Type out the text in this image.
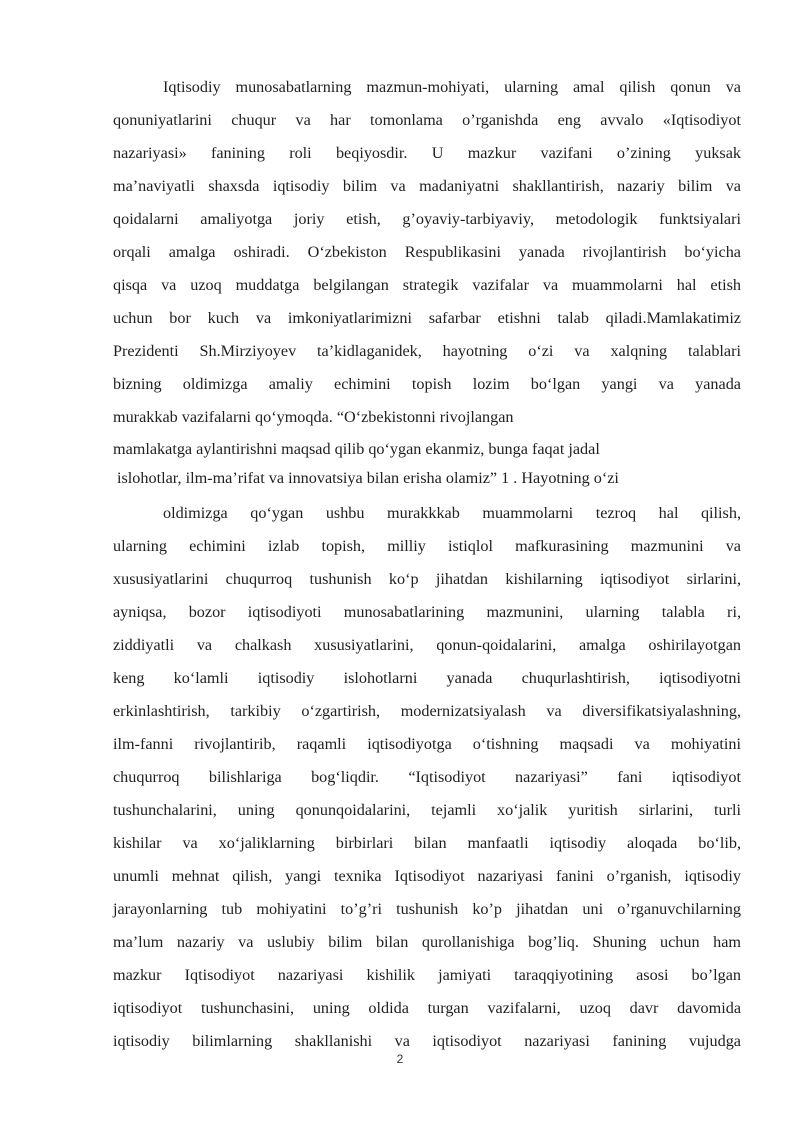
Iqtisodiy munosabatlarning mazmun-mohiyati, ularning amal qilish qonun va
qonuniyatlarini chuqur va har tomonlama o’rganishda eng avvalo «Iqtisodiyot
nazariyasi» fanining roli beqiyosdir. U mazkur vazifani o’zining yuksak
ma’naviyatli shaxsda iqtisodiy bilim va madaniyatni shakllantirish, nazariy bilim va
qoidalarni amaliyotga joriy etish, g’oyaviy-tarbiyaviy, metodologik funktsiyalari
orqali amalga oshiradi. O‘zbekiston Respublikasini yanada rivojlantirish bo‘yicha
qisqa va uzoq muddatga belgilangan strategik vazifalar va muammolarni hal etish
uchun bor kuch va imkoniyatlarimizni safarbar etishni talab qiladi.Mamlakatimiz
Prezidenti Sh.Mirziyoyev ta’kidlaganidek, hayotning o‘zi va xalqning talablari
bizning oldimizga amaliy echimini topish lozim bo‘lgan yangi va yanada
murakkab vazifalarni qo‘ymoqda. “O‘zbekistonni rivojlangan
mamlakatga aylantirishni maqsad qilib qo‘ygan ekanmiz, bunga faqat jadal
islohotlar, ilm-ma’rifat va innovatsiya bilan erisha olamiz” 1 . Hayotning o‘zi
oldimizga qo‘ygan ushbu murakkkab muammolarni tezroq hal qilish,
ularning echimini izlab topish, milliy istiqlol mafkurasining mazmunini va
xususiyatlarini chuqurroq tushunish ko‘p jihatdan kishilarning iqtisodiyot sirlarini,
ayniqsa, bozor iqtisodiyoti munosabatlarining mazmunini, ularning talabla ri,
ziddiyatli va chalkash xususiyatlarini, qonun-qoidalarini, amalga oshirilayotgan
keng ko‘lamli iqtisodiy islohotlarni yanada chuqurlashtirish, iqtisodiyotni
erkinlashtirish, tarkibiy o‘zgartirish, modernizatsiyalash va diversifikatsiyalashning,
ilm-fanni rivojlantirib, raqamli iqtisodiyotga o‘tishning maqsadi va mohiyatini
chuqurroq bilishlariga bog‘liqdir. “Iqtisodiyot nazariyasi” fani iqtisodiyot
tushunchalarini, uning qonunqoidalarini, tejamli xo‘jalik yuritish sirlarini, turli
kishilar va xo‘jaliklarning birbirlari bilan manfaatli iqtisodiy aloqada bo‘lib,
unumli mehnat qilish, yangi texnika Iqtisodiyot nazariyasi fanini o’rganish, iqtisodiy
jarayonlarning tub mohiyatini to’g’ri tushunish ko’p jihatdan uni o’rganuvchilarning
ma’lum nazariy va uslubiy bilim bilan qurollanishiga bog’liq. Shuning uchun ham
mazkur Iqtisodiyot nazariyasi kishilik jamiyati taraqqiyotining asosi bo’lgan
iqtisodiyot tushunchasini, uning oldida turgan vazifalarni, uzoq davr davomida
iqtisodiy bilimlarning shakllanishi va iqtisodiyot nazariyasi fanining vujudga
2
